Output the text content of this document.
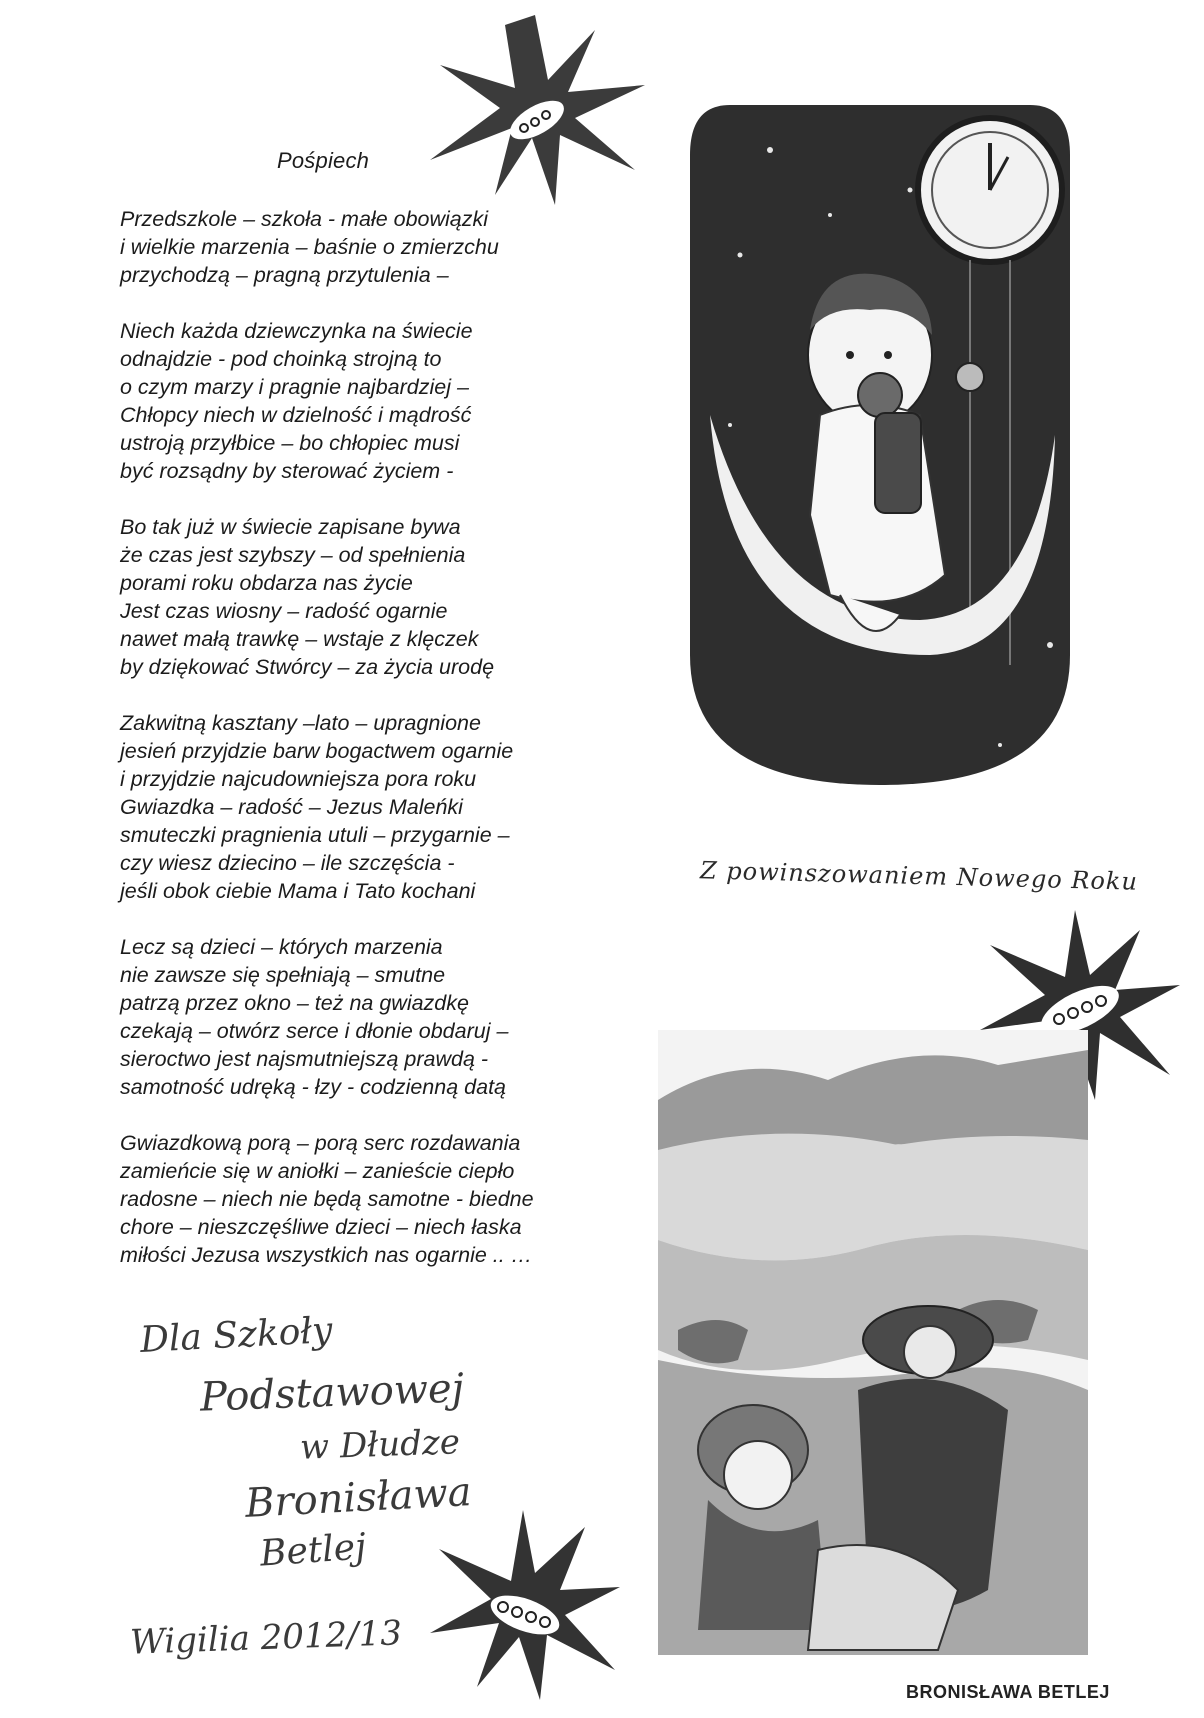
Pośpiech
Przedszkole – szkoła - małe obowiązki
i wielkie marzenia – baśnie o zmierzchu
przychodzą – pragną przytulenia –
Niech każda dziewczynka na świecie
odnajdzie - pod choinką strojną to
o czym marzy i pragnie najbardziej –
Chłopcy niech w dzielność i mądrość
ustroją przyłbice – bo chłopiec musi
być rozsądny by sterować życiem -
Bo tak już w świecie zapisane bywa
że czas jest szybszy – od spełnienia
porami roku obdarza nas życie
Jest czas wiosny – radość ogarnie
nawet małą trawkę – wstaje z klęczek
by dziękować Stwórcy – za życia urodę
Zakwitną kasztany –lato – upragnione
jesień przyjdzie barw bogactwem ogarnie
i przyjdzie najcudowniejsza pora roku
Gwiazdka – radość – Jezus Maleńki
smuteczki pragnienia utuli – przygarnie –
czy wiesz dziecino – ile szczęścia -
jeśli obok ciebie Mama i Tato kochani
Lecz są dzieci – których marzenia
nie zawsze się spełniają – smutne
patrzą przez okno – też na gwiazdkę
czekają – otwórz serce i dłonie obdaruj –
sieroctwo jest najsmutniejszą prawdą -
samotność udręką - łzy - codzienną datą
Gwiazdkową porą – porą serc rozdawania
zamieńcie się w aniołki – zanieście ciepło
radosne – niech nie będą samotne - biedne
chore – nieszczęśliwe dzieci – niech łaska
miłości Jezusa wszystkich nas ogarnie .. …
Z powinszowaniem Nowego Roku
Dla Szkoły
Podstawowej
w Dłudze
Bronisława
Betlej
Wigilia 2012/13
BRONISŁAWA BETLEJ
